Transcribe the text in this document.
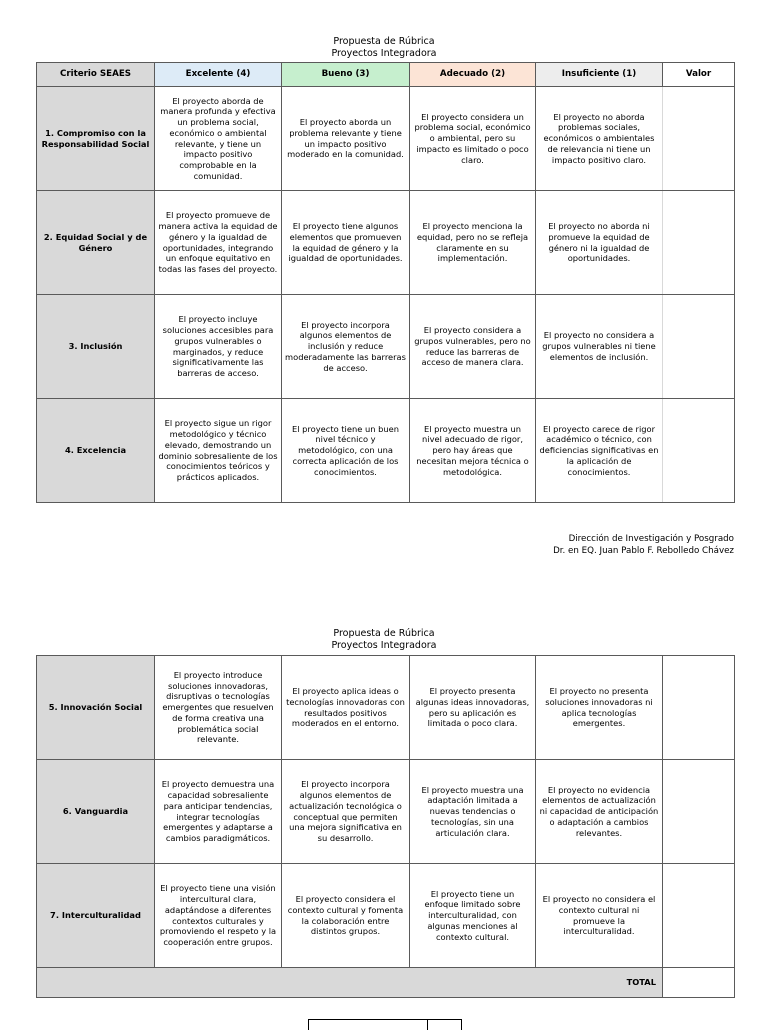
Propuesta de Rúbrica
Proyectos Integradora
Criterio SEAES	Excelente (4)	Bueno (3)	Adecuado (2)	Insuficiente (1)	Valor
1. Compromiso con la Responsabilidad Social	El proyecto aborda de manera profunda y efectiva un problema social, económico o ambiental relevante, y tiene un impacto positivo comprobable en la comunidad.	El proyecto aborda un problema relevante y tiene un impacto positivo moderado en la comunidad.	El proyecto considera un problema social, económico o ambiental, pero su impacto es limitado o poco claro.	El proyecto no aborda problemas sociales, económicos o ambientales de relevancia ni tiene un impacto positivo claro.	
2. Equidad Social y de Género	El proyecto promueve de manera activa la equidad de género y la igualdad de oportunidades, integrando un enfoque equitativo en todas las fases del proyecto.	El proyecto tiene algunos elementos que promueven la equidad de género y la igualdad de oportunidades.	El proyecto menciona la equidad, pero no se refleja claramente en su implementación.	El proyecto no aborda ni promueve la equidad de género ni la igualdad de oportunidades.	
3. Inclusión	El proyecto incluye soluciones accesibles para grupos vulnerables o marginados, y reduce significativamente las barreras de acceso.	El proyecto incorpora algunos elementos de inclusión y reduce moderadamente las barreras de acceso.	El proyecto considera a grupos vulnerables, pero no reduce las barreras de acceso de manera clara.	El proyecto no considera a grupos vulnerables ni tiene elementos de inclusión.	
4. Excelencia	El proyecto sigue un rigor metodológico y técnico elevado, demostrando un dominio sobresaliente de los conocimientos teóricos y prácticos aplicados.	El proyecto tiene un buen nivel técnico y metodológico, con una correcta aplicación de los conocimientos.	El proyecto muestra un nivel adecuado de rigor, pero hay áreas que necesitan mejora técnica o metodológica.	El proyecto carece de rigor académico o técnico, con deficiencias significativas en la aplicación de conocimientos.	
Dirección de Investigación y Posgrado
Dr. en EQ. Juan Pablo F. Rebolledo Chávez
Propuesta de Rúbrica
Proyectos Integradora
5. Innovación Social	El proyecto introduce soluciones innovadoras, disruptivas o tecnologías emergentes que resuelven de forma creativa una problemática social relevante.	El proyecto aplica ideas o tecnologías innovadoras con resultados positivos moderados en el entorno.	El proyecto presenta algunas ideas innovadoras, pero su aplicación es limitada o poco clara.	El proyecto no presenta soluciones innovadoras ni aplica tecnologías emergentes.	
6. Vanguardia	El proyecto demuestra una capacidad sobresaliente para anticipar tendencias, integrar tecnologías emergentes y adaptarse a cambios paradigmáticos.	El proyecto incorpora algunos elementos de actualización tecnológica o conceptual que permiten una mejora significativa en su desarrollo.	El proyecto muestra una adaptación limitada a nuevas tendencias o tecnologías, sin una articulación clara.	El proyecto no evidencia elementos de actualización ni capacidad de anticipación o adaptación a cambios relevantes.	
7. Interculturalidad	El proyecto tiene una visión intercultural clara, adaptándose a diferentes contextos culturales y promoviendo el respeto y la cooperación entre grupos.	El proyecto considera el contexto cultural y fomenta la colaboración entre distintos grupos.	El proyecto tiene un enfoque limitado sobre interculturalidad, con algunas menciones al contexto cultural.	El proyecto no considera el contexto cultural ni promueve la interculturalidad.	
TOTAL					
